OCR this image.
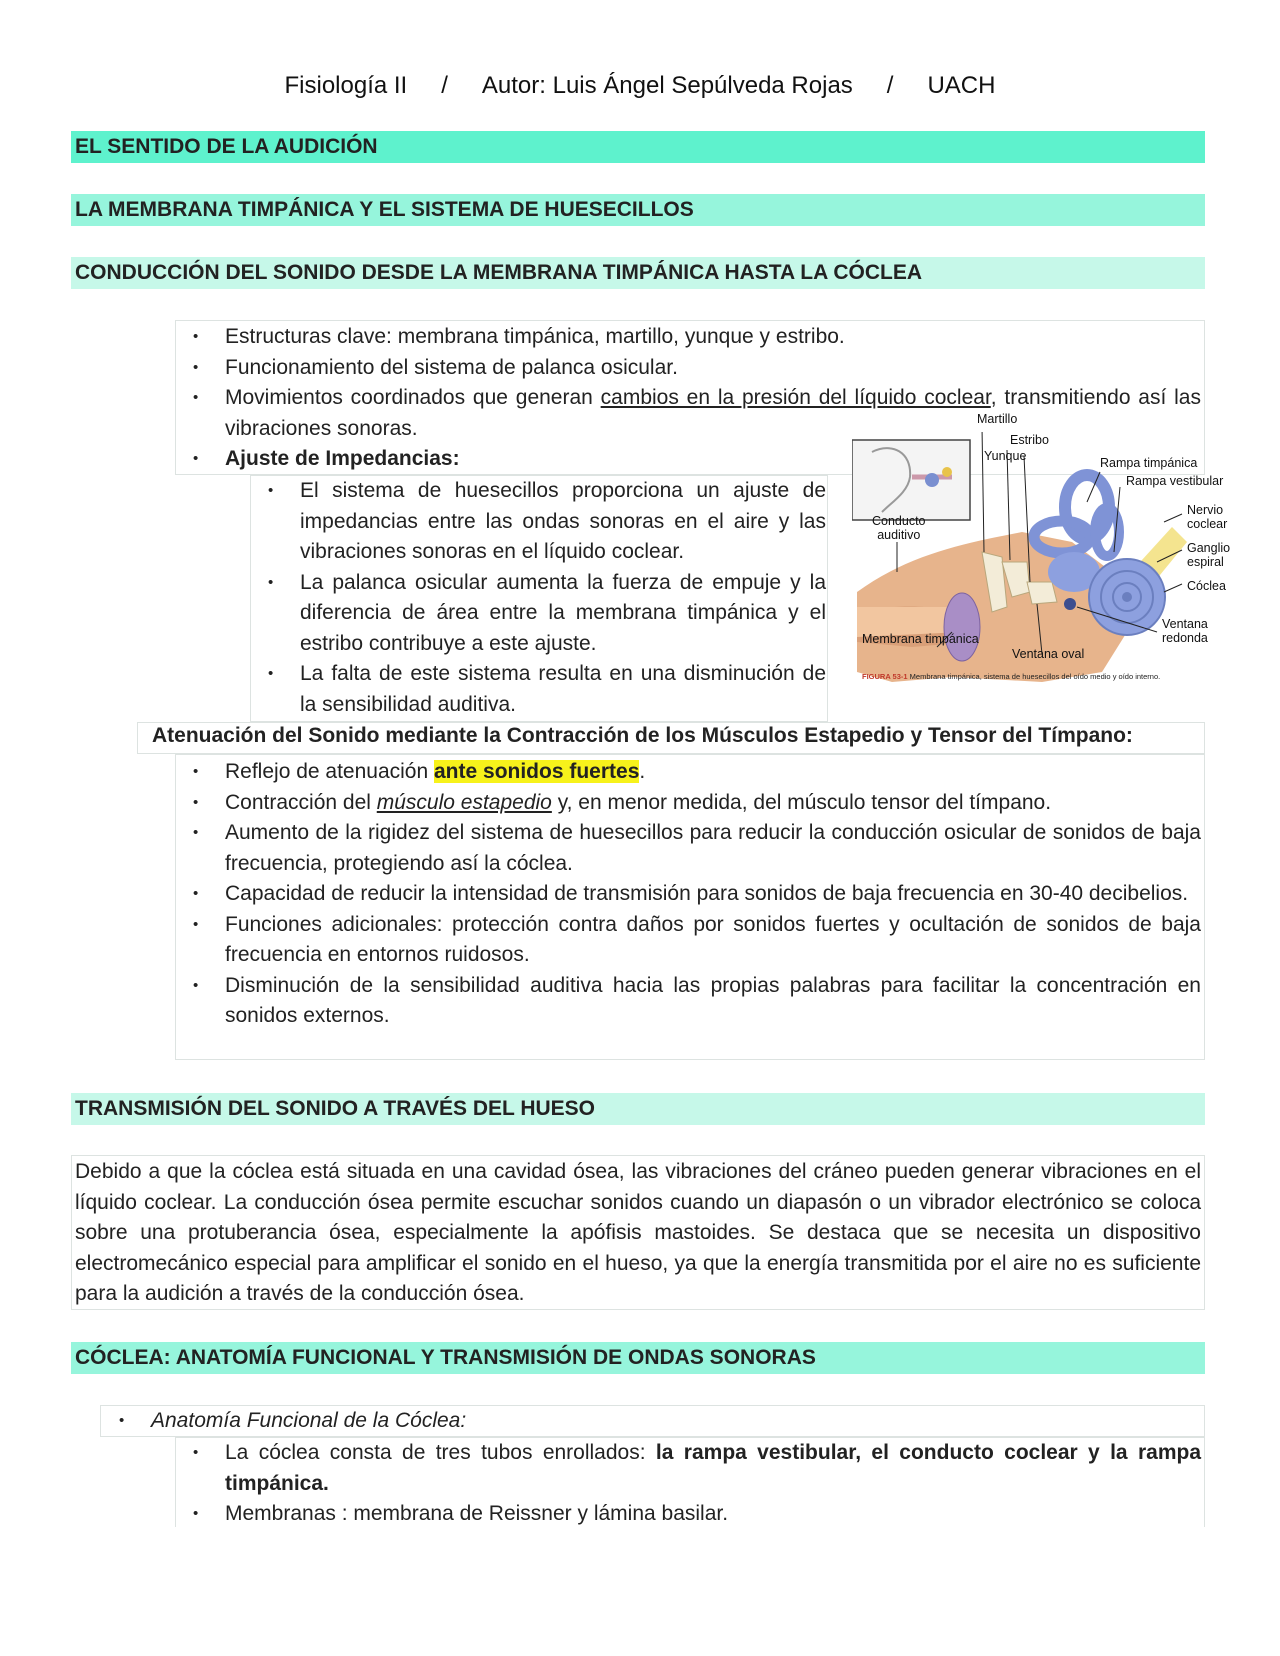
Fisiología II / Autor: Luis Ángel Sepúlveda Rojas / UACH
EL SENTIDO DE LA AUDICIÓN
LA MEMBRANA TIMPÁNICA Y EL SISTEMA DE HUESECILLOS
CONDUCCIÓN DEL SONIDO DESDE LA MEMBRANA TIMPÁNICA HASTA LA CÓCLEA
• Estructuras clave: membrana timpánica, martillo, yunque y estribo.
• Funcionamiento del sistema de palanca osicular.
• Movimientos coordinados que generan cambios en la presión del líquido coclear, transmitiendo así las vibraciones sonoras.
• Ajuste de Impedancias:
• El sistema de huesecillos proporciona un ajuste de impedancias entre las ondas sonoras en el aire y las vibraciones sonoras en el líquido coclear.
• La palanca osicular aumenta la fuerza de empuje y la diferencia de área entre la membrana timpánica y el estribo contribuye a este ajuste.
• La falta de este sistema resulta en una disminución de la sensibilidad auditiva.
Martillo
Estribo
Yunque	Rampa timpánica
Rampa vestibular
Nervio
coclear
Conducto
auditivo
Ganglio
espiral
Cóclea
Ventana
redonda
Membrana timpánica
Ventana oval
FIGURA 53-1 Membrana timpánica, sistema de huesecillos del oído medio y oído interno.
Atenuación del Sonido mediante la Contracción de los Músculos Estapedio y Tensor del Tímpano:
• Reflejo de atenuación ante sonidos fuertes.
• Contracción del músculo estapedio y, en menor medida, del músculo tensor del tímpano.
• Aumento de la rigidez del sistema de huesecillos para reducir la conducción osicular de sonidos de baja frecuencia, protegiendo así la cóclea.
• Capacidad de reducir la intensidad de transmisión para sonidos de baja frecuencia en 30-40 decibelios.
• Funciones adicionales: protección contra daños por sonidos fuertes y ocultación de sonidos de baja frecuencia en entornos ruidosos.
• Disminución de la sensibilidad auditiva hacia las propias palabras para facilitar la concentración en sonidos externos.
TRANSMISIÓN DEL SONIDO A TRAVÉS DEL HUESO

Debido a que la cóclea está situada en una cavidad ósea, las vibraciones del cráneo pueden generar vibraciones en el líquido coclear. La conducción ósea permite escuchar sonidos cuando un diapasón o un vibrador electrónico se coloca sobre una protuberancia ósea, especialmente la apófisis mastoides. Se destaca que se necesita un dispositivo electromecánico especial para amplificar el sonido en el hueso, ya que la energía transmitida por el aire no es suficiente para la audición a través de la conducción ósea.

CÓCLEA: ANATOMÍA FUNCIONAL Y TRANSMISIÓN DE ONDAS SONORAS
• Anatomía Funcional de la Cóclea:
• La cóclea consta de tres tubos enrollados: la rampa vestibular, el conducto coclear y la rampa timpánica.
• Membranas : membrana de Reissner y lámina basilar.
